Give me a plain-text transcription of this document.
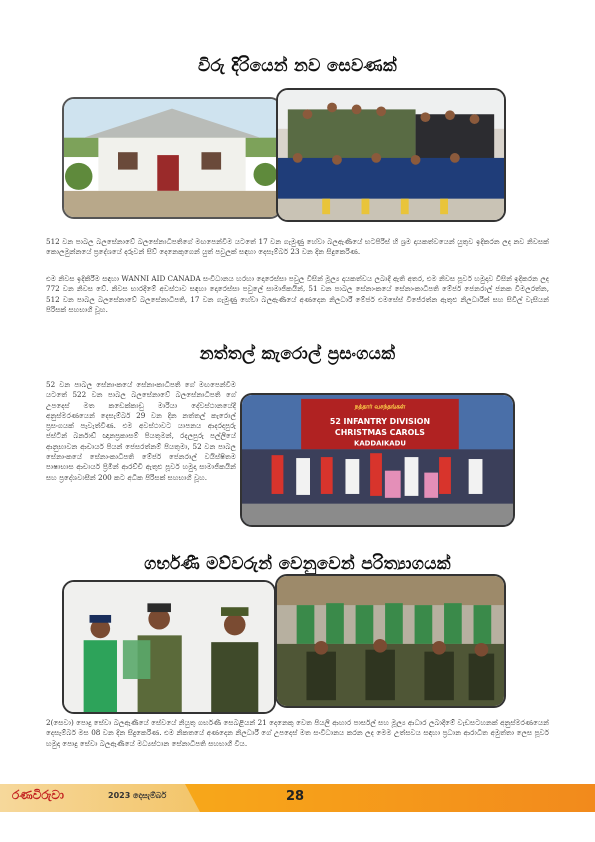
විරු දිරියෙන් නව සෙවණක්

512 වන පාබල බලසේනාවේ බලසේනාධිපතිගේ මඟපෙන්වීම යටතේ 17 වන ගැමුණු හේවා බලඇණියේ භටපිරිස් හි ශ්‍රම දායකත්වයෙන් යුතුව ඉදිකරන ලද නව නිවසක් කොලමුන්නයේ ප්‍රදේශයේ දරුවන් සිව් දෙනෙකුගෙන් යුත් පවුලක් සඳහා දෙසැම්බර් 23 වන දින සිදුකෙරිණ.

එම නිවස ඉදිකිරීම සඳහා WANNI AID CANADA සංවිධානය හරහා දොරෙස්සා පවුල විසින් මූල්‍ය දායකත්වය ලබාදී ඇති අතර, එම නිවස පූර්ව හමුදාව විසින් ඉදිකරන ලද 772 වන නිවස වේ. නිවස භාරදීමේ අවස්ථාව සඳහා දොරෙස්සා පවුලේ සාමාජිකයින්, 51 වන පාබල සේනාංකයේ සේනාංකාධිපති මේජර් ජෙනරාල් ජනක විමලරත්න, 512 වන පාබල බලසේනාවේ බලසේනාධිපති, 17 වන ගැමුණු හේවා බලඇණියේ අණදෙන නිලධාරී මේජර් එමසේස් විජේරත්න ඇතුළු නිලධාරීන් සහ සිවිල් වැසියන් පිරිසක් සහභාගී වූහ.

නත්තල් කැරොල් ප්‍රසංගයක්

52 වන පාබල සේනාංකයේ සේනාංකාධිපති ගේ මඟපෙන්වීම යටතේ 522 වන පාබල බලසේනාවේ බලසේනාධිපති ගේ උපදෙස් මත කඩෙක්කාඩු මාරියා දේවස්ථානයේදී අනුස්මරණයෙන් දෙසැම්බර් 29 වන දින නත්තල් කැරොල් ප්‍රසංගයක් පැවැත්විණ. එම අවස්ථාවට යාපනය ආදරදපුරු ජස්ටින් බර්නාඩ් ඥානප්‍රකාසම් පියතුමන්, රදලපුරු පල්ලියේ ආනුභාවන ආචාර්ය පියන් ජෙසරත්නම් පියතුමා, 52 වන පාබල සේනාංකයේ සේනාංකාධිපති මේජර් ජෙනරාල් වයිස්ෂිතම පාෂාභාස ආචාර්ය ප්‍රිමින් ආරච්චි ඇතුළු පූර්ව හමුදා සාමාජිකයින් සහ ප්‍රදේශවාසීන් 200 කට අධික පිරිසක් සහභාගී වූහ.

நத்தார் வசந்தங்கள்
52 INFANTRY DIVISION
CHRISTMAS CAROLS
KADDAIKADU
ගර්භණී මව්වරුන් වෙනුවෙන් පරිත්‍යාගයක්

2(සෙවා) පොදු සේවා බලඇණියේ සේවයේ නියුතු ගර්භණී සෙබළියන් 21 දෙනෙකු වෙත පියලි ආහාර පාර්සල් සහ මූල්‍ය ආධාර ලබාදීමේ වැඩසටහනක් අනුස්මරණයෙන් දෙසැම්බර් මස 08 වන දින සිදුකෙරිණ. එම නිකතයේ අණදෙන නිලධාරී ගේ උපදෙස් මත සංවිධානය කරන ලද මෙම උත්සවය සඳහා ප්‍රධාන ආරාධිත අමුත්තා ලෙස පූර්ව හමුදා පොදු සේවා බලඇණියේ මධ්‍යස්ථාන සේනාධිපති සහභාගී විය.

රණවිරුවා	2023 දෙසැම්බර්	28
